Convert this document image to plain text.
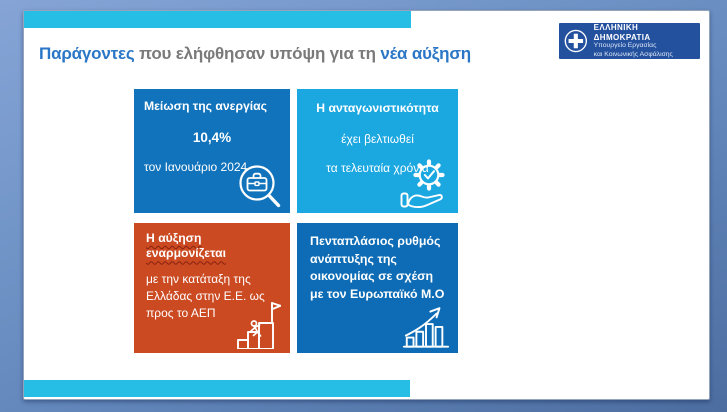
Παράγοντες που ελήφθησαν υπόψη για τη νέα αύξηση
ΕΛΛΗΝΙΚΗ ΔΗΜΟΚΡΑΤΙΑ
Υπουργείο Εργασίας
και Κοινωνικής Ασφάλισης
Μείωση της ανεργίας
10,4%
τον Ιανουάριο 2024
Η ανταγωνιστικότητα
έχει βελτιωθεί
τα τελευταία χρόνια
Η αύξηση εναρμονίζεται
με την κατάταξη της Ελλάδας στην Ε.Ε. ως προς το ΑΕΠ
Πενταπλάσιος ρυθμός ανάπτυξης της οικονομίας σε σχέση με τον Ευρωπαϊκό Μ.Ο
